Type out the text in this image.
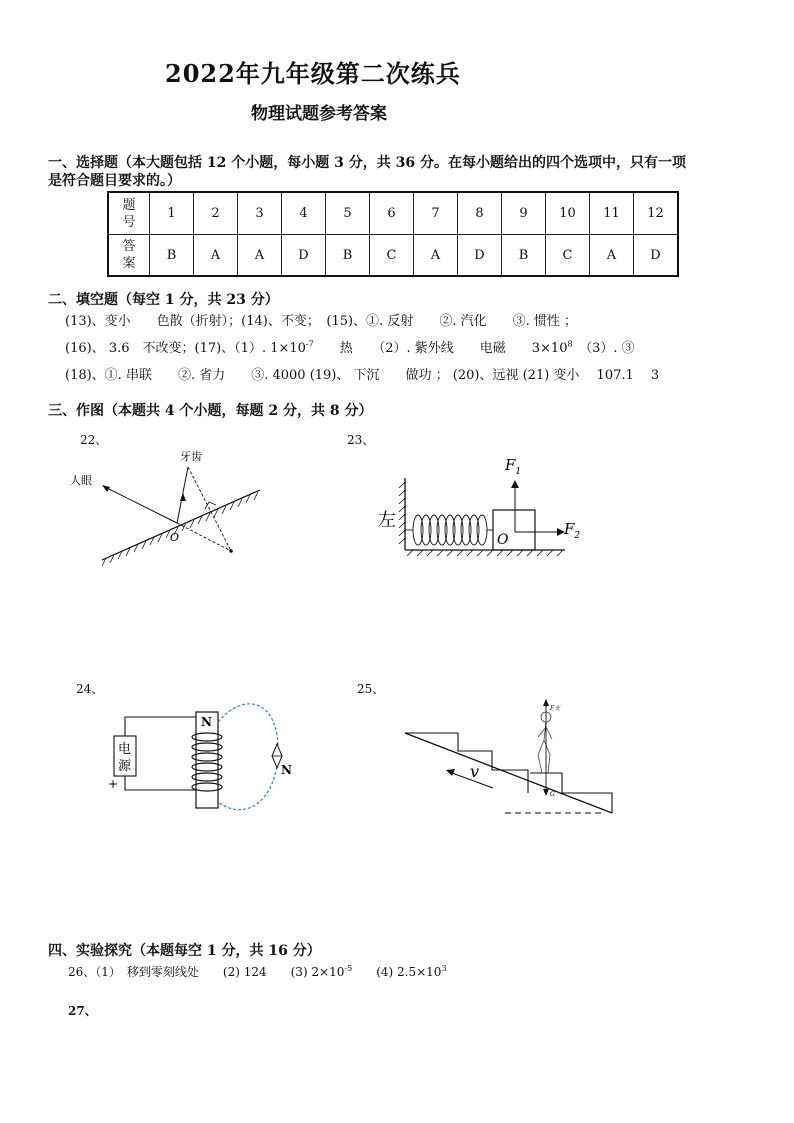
2022年九年级第二次练兵
物理试题参考答案
一、选择题（本大题包括 12 个小题，每小题 3 分，共 36 分。在每小题给出的四个选项中，只有一项
是符合题目要求的。）
题号	1	2	3	4	5	6	7	8	9	10	11	12
答案	B	A	A	D	B	C	A	D	B	C	A	D
二、填空题（每空 1 分，共 23 分）
(13)、变小　　色散（折射）；(14)、不变；　(15)、①. 反射　　②. 汽化　　③. 惯性 ；
(16)、 3.6　不改变；(17)、（1）. $1\times 10^{-7}$　　热　　（2）. 紫外线　　电磁　　$3\times 10^8$　（3）. ③
(18)、①. 串联　　②. 省力　　③. 4000 (19)、 下沉　　做功 ； (20)、远视 (21) 变小　 107.1　 3
三、作图（本题共 4 个小题，每题 2 分，共 8 分）
22、
O
人眼
牙齿
23、
O
$F_1$
$F_2$
左
24、
电
源
+
N
N
25、
v
F支
G
四、实验探究（本题每空 1 分，共 16 分）
26、（1）　移到零刻线处　　(2) 124　　(3) $2\times 10^{-5}$　　(4) $2.5\times 10^3$
27、
